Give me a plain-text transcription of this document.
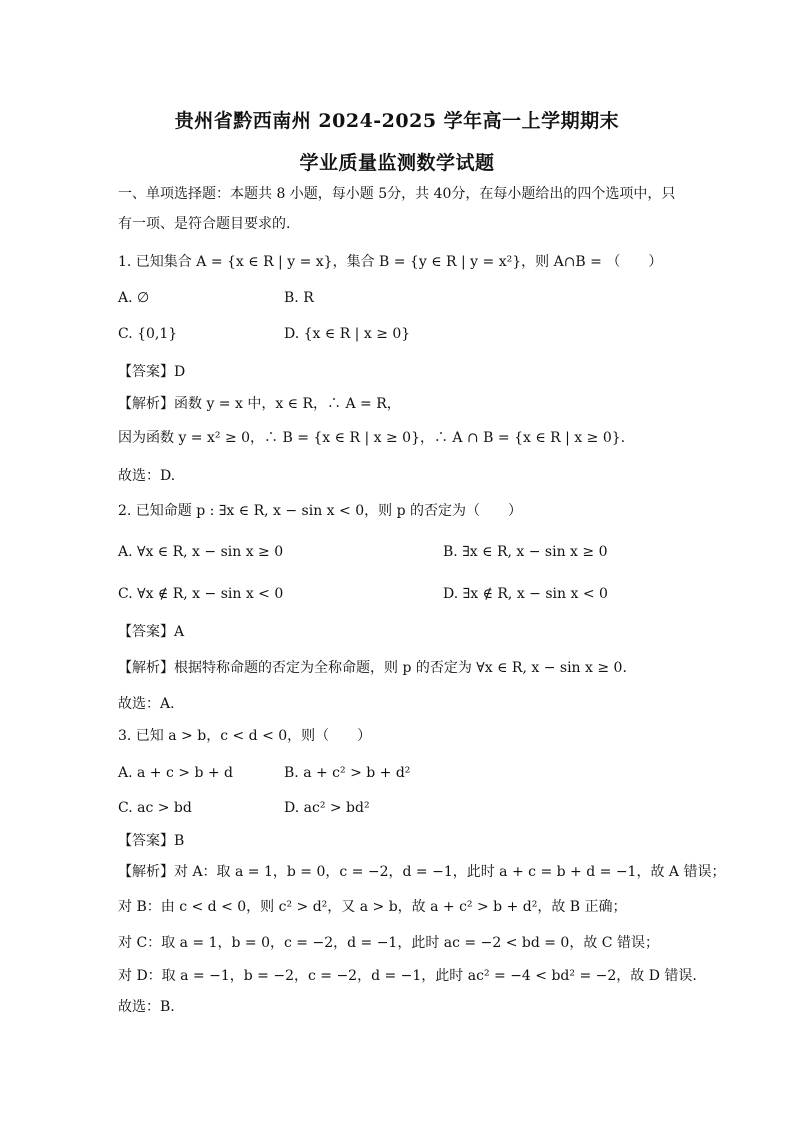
贵州省黔西南州 2024-2025 学年高一上学期期末
学业质量监测数学试题
一、单项选择题：本题共 8 小题，每小题 5分，共 40分，在每小题给出的四个选项中，只
有一项、是符合题目要求的.
1. 已知集合 A = {x ∈ R | y = x}，集合 B = {y ∈ R | y = x²}，则 A∩B = （　　）
A. ∅	B. R
C. {0,1}	D. {x ∈ R | x ≥ 0}
【答案】D
【解析】函数 y = x 中，x ∈ R，∴ A = R，
因为函数 y = x² ≥ 0，∴ B = {x ∈ R | x ≥ 0}，∴ A ∩ B = {x ∈ R | x ≥ 0}.
故选：D.
2. 已知命题 p : ∃x ∈ R, x − sin x < 0，则 p 的否定为（　　）
A. ∀x ∈ R, x − sin x ≥ 0	B. ∃x ∈ R, x − sin x ≥ 0
C. ∀x ∉ R, x − sin x < 0	D. ∃x ∉ R, x − sin x < 0
【答案】A
【解析】根据特称命题的否定为全称命题，则 p 的否定为 ∀x ∈ R, x − sin x ≥ 0.
故选：A.
3. 已知 a > b，c < d < 0，则（　　）
A. a + c > b + d	B. a + c² > b + d²
C. ac > bd	D. ac² > bd²
【答案】B
【解析】对 A：取 a = 1，b = 0，c = −2，d = −1，此时 a + c = b + d = −1，故 A 错误；
对 B：由 c < d < 0，则 c² > d²，又 a > b，故 a + c² > b + d²，故 B 正确；
对 C：取 a = 1，b = 0，c = −2，d = −1，此时 ac = −2 < bd = 0，故 C 错误；
对 D：取 a = −1，b = −2，c = −2，d = −1，此时 ac² = −4 < bd² = −2，故 D 错误.
故选：B.
